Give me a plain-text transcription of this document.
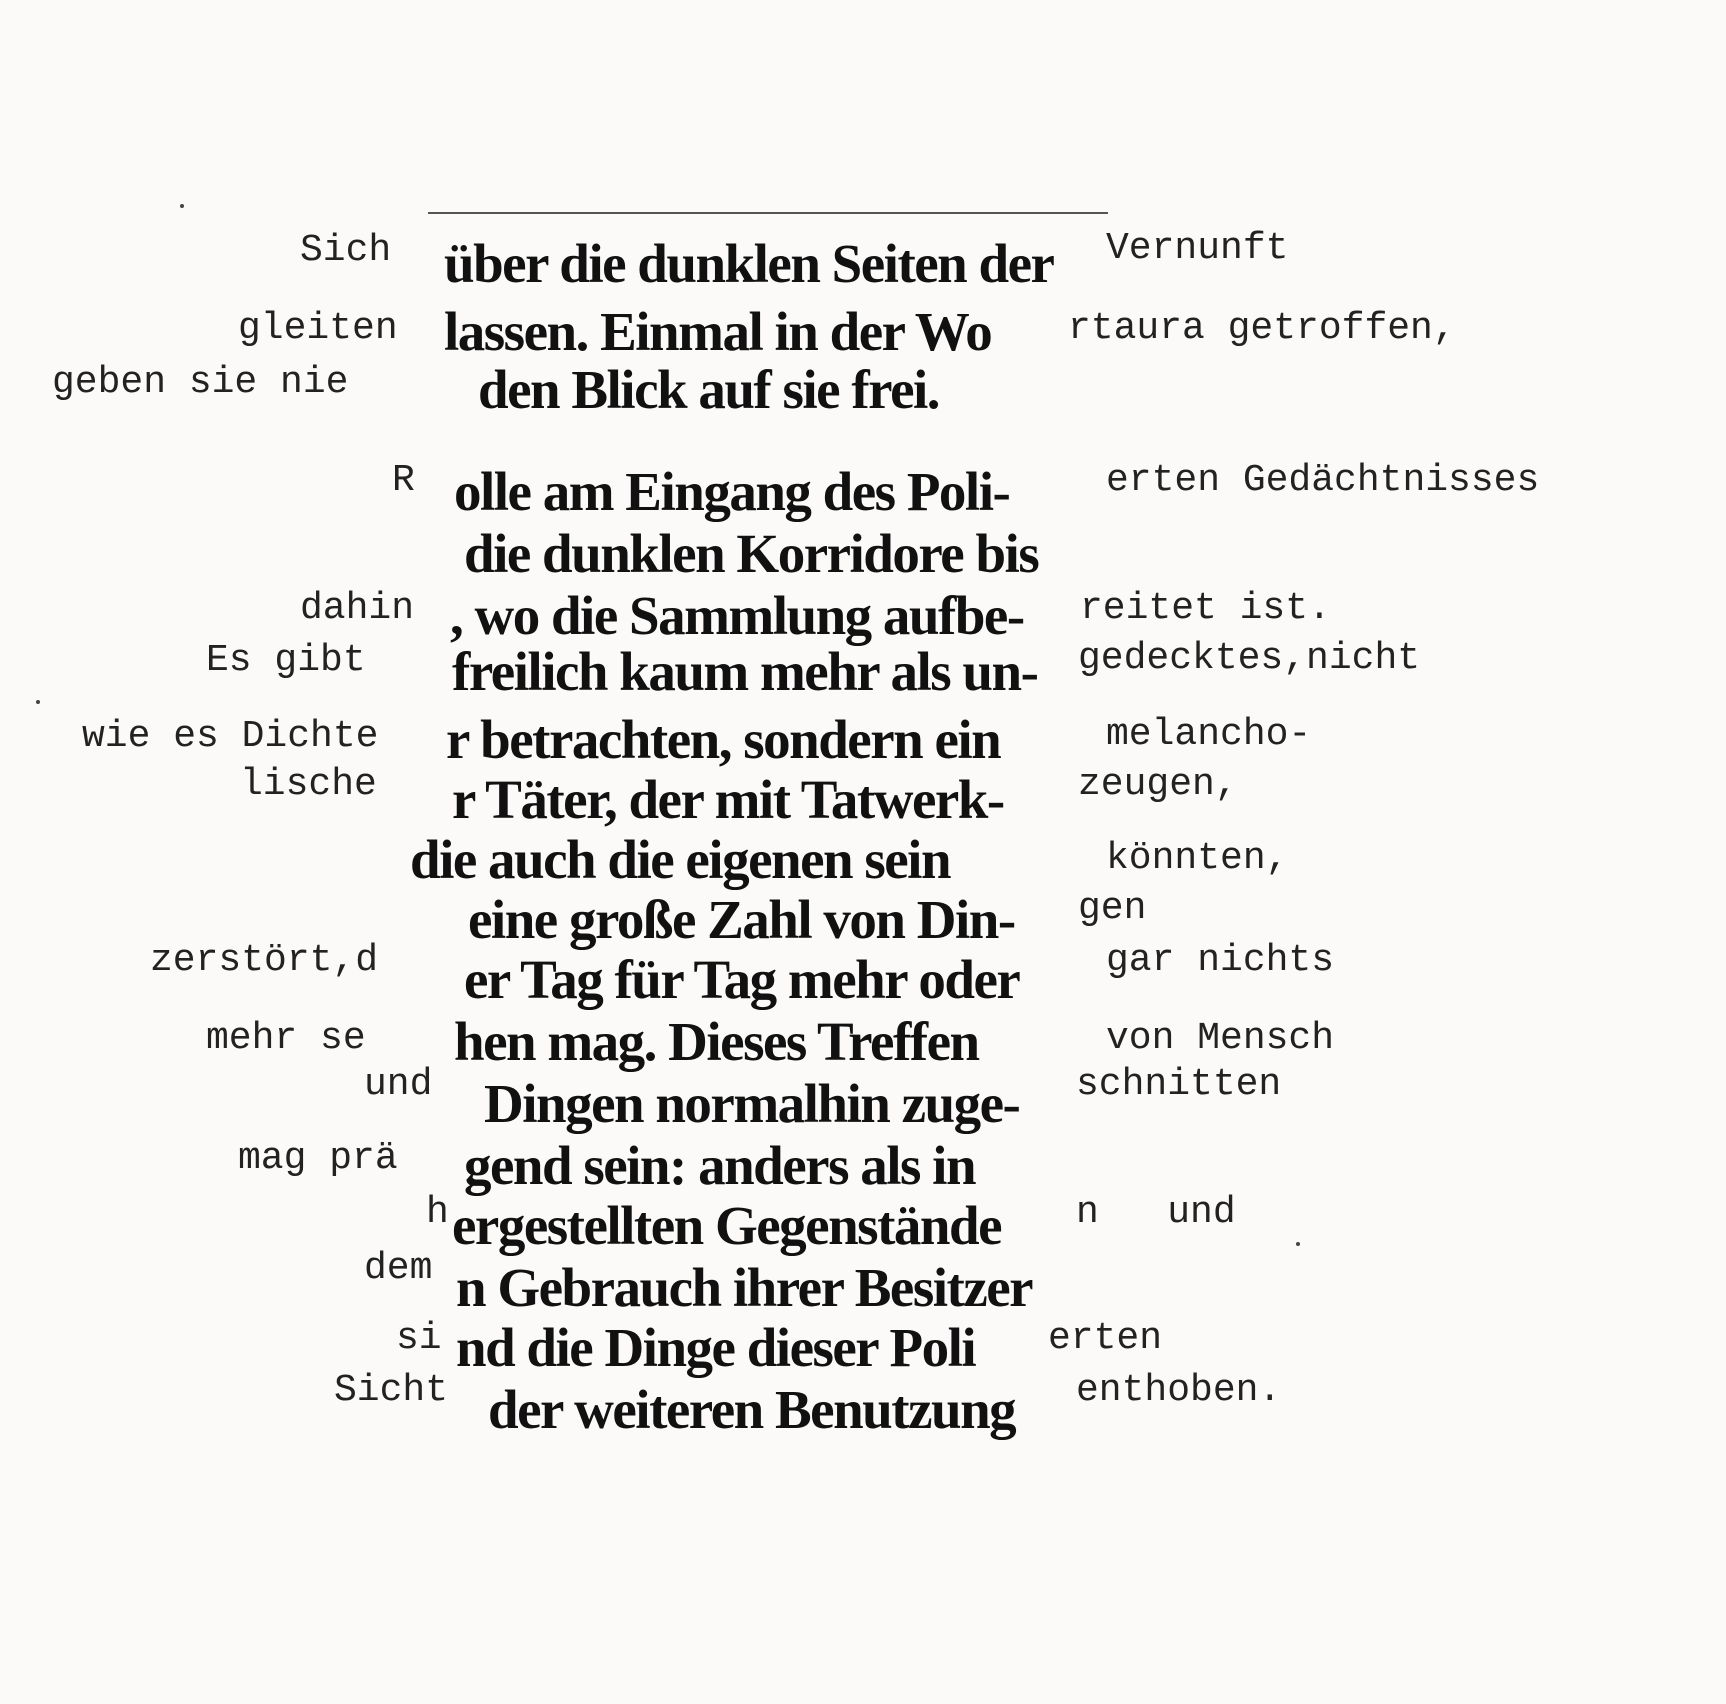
Sich über die dunklen Seiten der Vernunft
gleiten lassen. Einmal in der Wo rtaura getroffen,
geben sie nie den Blick auf sie frei.
R olle am Eingang des Poli-	erten Gedächtnisses
die dunklen Korridore bis
dahin , wo die Sammlung aufbe- reitet ist.
Es gibt freilich kaum mehr als un- gedecktes,nicht
wie es Dichte r betrachten, sondern ein	melancho-
lische r Täter, der mit Tatwerk- zeugen,
die auch die eigenen sein	könnten,
eine große Zahl von Din- gen
zerstört,d er Tag für Tag mehr oder gar nichts
mehr se hen mag. Dieses Treffen	von Mensch
und Dingen normalhin zuge- schnitten
mag prä gend sein: anders als in
h ergestellten Gegenstände n   und
dem n Gebrauch ihrer Besitzer
si nd die Dinge dieser Poli erten
Sicht der weiteren Benutzung enthoben.
